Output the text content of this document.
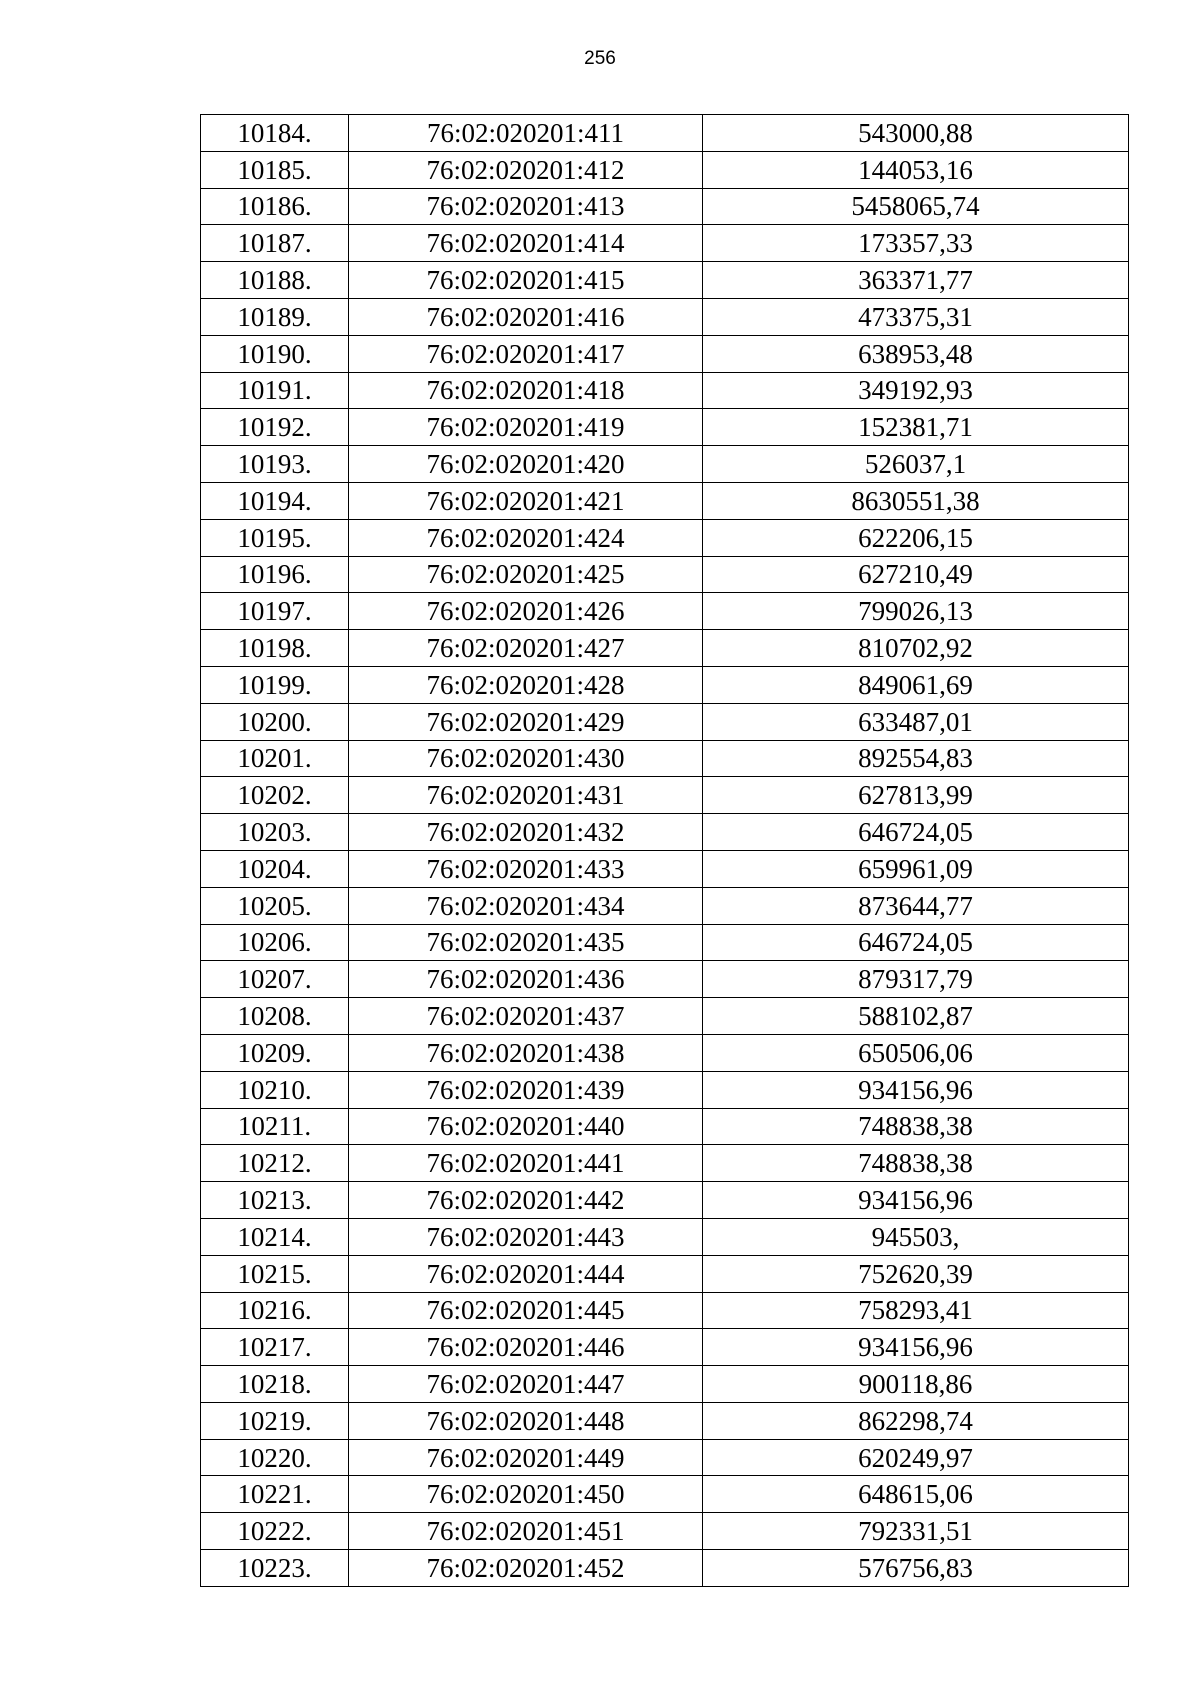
256
10184.	76:02:020201:411	543000,88
10185.	76:02:020201:412	144053,16
10186.	76:02:020201:413	5458065,74
10187.	76:02:020201:414	173357,33
10188.	76:02:020201:415	363371,77
10189.	76:02:020201:416	473375,31
10190.	76:02:020201:417	638953,48
10191.	76:02:020201:418	349192,93
10192.	76:02:020201:419	152381,71
10193.	76:02:020201:420	526037,1
10194.	76:02:020201:421	8630551,38
10195.	76:02:020201:424	622206,15
10196.	76:02:020201:425	627210,49
10197.	76:02:020201:426	799026,13
10198.	76:02:020201:427	810702,92
10199.	76:02:020201:428	849061,69
10200.	76:02:020201:429	633487,01
10201.	76:02:020201:430	892554,83
10202.	76:02:020201:431	627813,99
10203.	76:02:020201:432	646724,05
10204.	76:02:020201:433	659961,09
10205.	76:02:020201:434	873644,77
10206.	76:02:020201:435	646724,05
10207.	76:02:020201:436	879317,79
10208.	76:02:020201:437	588102,87
10209.	76:02:020201:438	650506,06
10210.	76:02:020201:439	934156,96
10211.	76:02:020201:440	748838,38
10212.	76:02:020201:441	748838,38
10213.	76:02:020201:442	934156,96
10214.	76:02:020201:443	945503,
10215.	76:02:020201:444	752620,39
10216.	76:02:020201:445	758293,41
10217.	76:02:020201:446	934156,96
10218.	76:02:020201:447	900118,86
10219.	76:02:020201:448	862298,74
10220.	76:02:020201:449	620249,97
10221.	76:02:020201:450	648615,06
10222.	76:02:020201:451	792331,51
10223.	76:02:020201:452	576756,83
